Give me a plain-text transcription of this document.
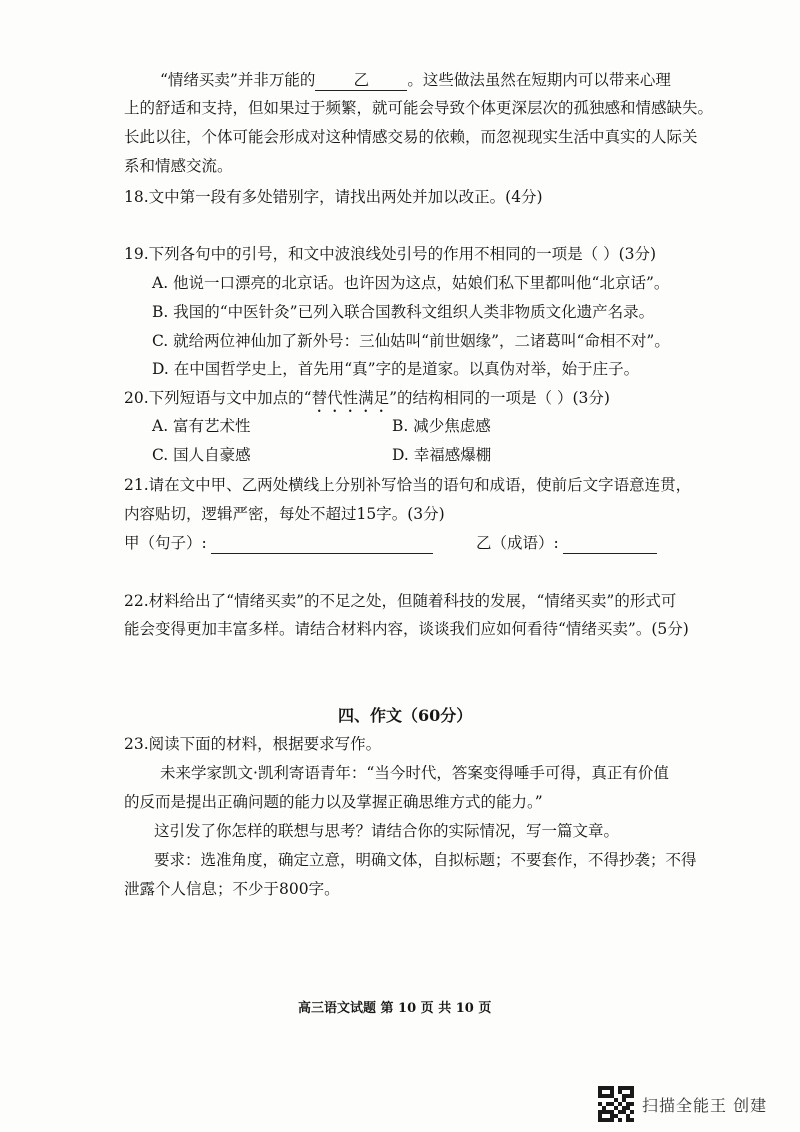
“情绪买卖”并非万能的 乙 。这些做法虽然在短期内可以带来心理
上的舒适和支持，但如果过于频繁，就可能会导致个体更深层次的孤独感和情感缺失。
长此以往，个体可能会形成对这种情感交易的依赖，而忽视现实生活中真实的人际关
系和情感交流。
18.文中第一段有多处错别字，请找出两处并加以改正。(4分)
19.下列各句中的引号，和文中波浪线处引号的作用不相同的一项是（ ）(3分)
A. 他说一口漂亮的北京话。也许因为这点，姑娘们私下里都叫他“北京话”。
B. 我国的“中医针灸”已列入联合国教科文组织人类非物质文化遗产名录。
C. 就给两位神仙加了新外号：三仙姑叫“前世姻缘”，二诸葛叫“命相不对”。
D. 在中国哲学史上，首先用“真”字的是道家。以真伪对举，始于庄子。
20.下列短语与文中加点的“替代性满足”的结构相同的一项是（ ）(3分)
A. 富有艺术性	B. 减少焦虑感
C. 国人自豪感	D. 幸福感爆棚
21.请在文中甲、乙两处横线上分别补写恰当的语句和成语，使前后文字语意连贯，
内容贴切，逻辑严密，每处不超过15字。(3分)
甲（句子）:	乙（成语）:
22.材料给出了“情绪买卖”的不足之处，但随着科技的发展，“情绪买卖”的形式可
能会变得更加丰富多样。请结合材料内容，谈谈我们应如何看待“情绪买卖”。(5分)
四、作文（60分）
23.阅读下面的材料，根据要求写作。
未来学家凯文·凯利寄语青年：“当今时代，答案变得唾手可得，真正有价值
的反而是提出正确问题的能力以及掌握正确思维方式的能力。”
这引发了你怎样的联想与思考？请结合你的实际情况，写一篇文章。
要求：选准角度，确定立意，明确文体，自拟标题；不要套作，不得抄袭；不得
泄露个人信息；不少于800字。
高三语文试题 第 10 页 共 10 页
扫描全能王 创建
